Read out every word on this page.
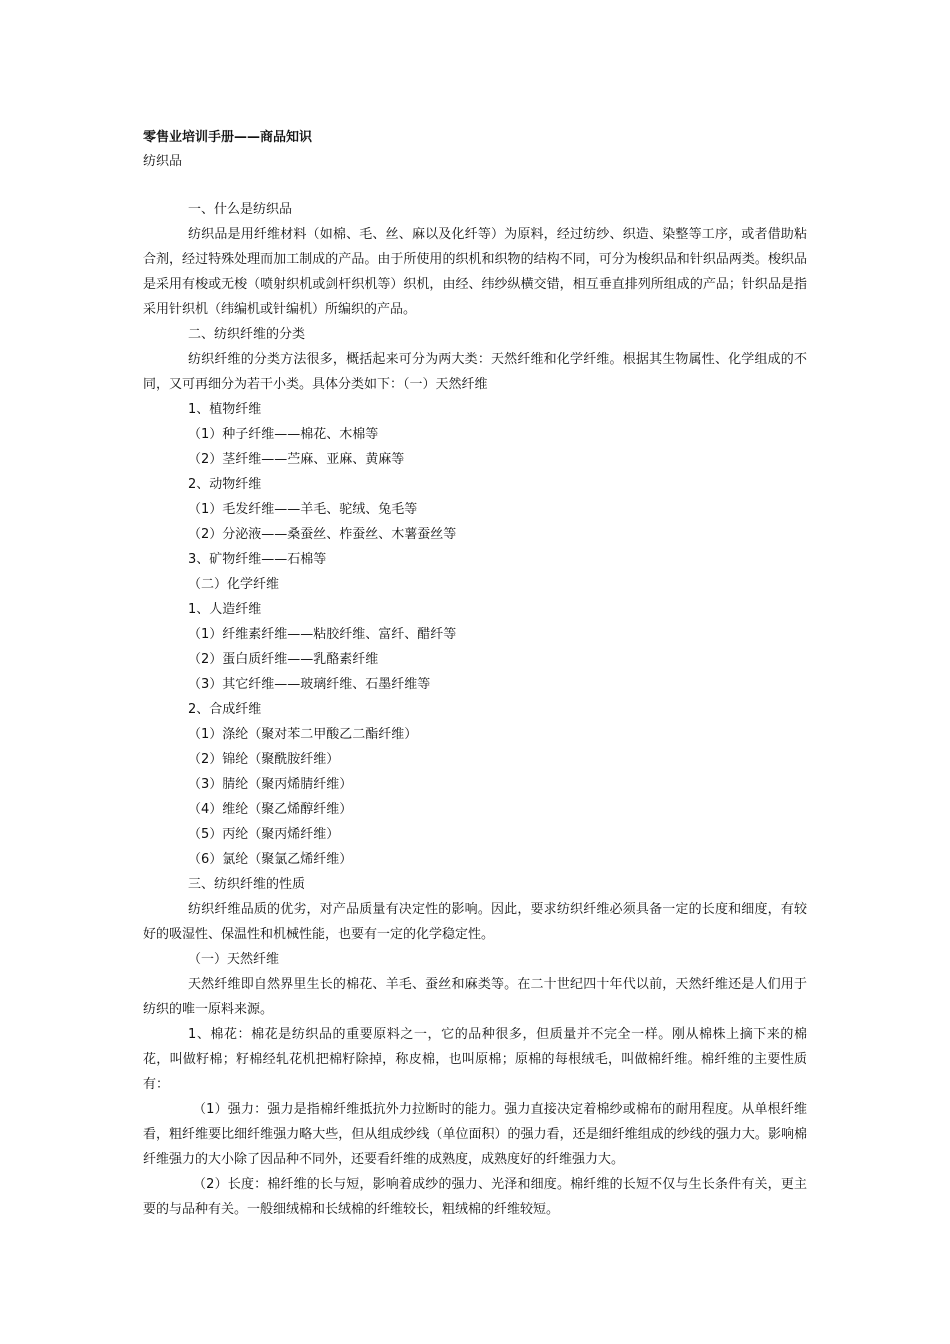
零售业培训手册——商品知识

纺织品

一、什么是纺织品

纺织品是用纤维材料（如棉、毛、丝、麻以及化纤等）为原料，经过纺纱、织造、染整等工序，或者借助粘合剂，经过特殊处理而加工制成的产品。由于所使用的织机和织物的结构不同，可分为梭织品和针织品两类。梭织品是采用有梭或无梭（喷射织机或剑杆织机等）织机，由经、纬纱纵横交错，相互垂直排列所组成的产品；针织品是指采用针织机（纬编机或针编机）所编织的产品。

二、纺织纤维的分类

纺织纤维的分类方法很多，概括起来可分为两大类：天然纤维和化学纤维。根据其生物属性、化学组成的不同，又可再细分为若干小类。具体分类如下：（一）天然纤维

1、植物纤维

（1）种子纤维——棉花、木棉等

（2）茎纤维——苎麻、亚麻、黄麻等

2、动物纤维

（1）毛发纤维——羊毛、驼绒、兔毛等

（2）分泌液——桑蚕丝、柞蚕丝、木薯蚕丝等

3、矿物纤维——石棉等

（二）化学纤维

1、人造纤维

（1）纤维素纤维——粘胶纤维、富纤、醋纤等

（2）蛋白质纤维——乳酪素纤维

（3）其它纤维——玻璃纤维、石墨纤维等

2、合成纤维

（1）涤纶（聚对苯二甲酸乙二酯纤维）

（2）锦纶（聚酰胺纤维）

（3）腈纶（聚丙烯腈纤维）

（4）维纶（聚乙烯醇纤维）

（5）丙纶（聚丙烯纤维）

（6）氯纶（聚氯乙烯纤维）

三、纺织纤维的性质

纺织纤维品质的优劣，对产品质量有决定性的影响。因此，要求纺织纤维必须具备一定的长度和细度，有较好的吸湿性、保温性和机械性能，也要有一定的化学稳定性。

（一）天然纤维

天然纤维即自然界里生长的棉花、羊毛、蚕丝和麻类等。在二十世纪四十年代以前，天然纤维还是人们用于纺织的唯一原料来源。

1、棉花：棉花是纺织品的重要原料之一，它的品种很多，但质量并不完全一样。刚从棉株上摘下来的棉花，叫做籽棉；籽棉经轧花机把棉籽除掉，称皮棉，也叫原棉；原棉的每根绒毛，叫做棉纤维。棉纤维的主要性质有：

（1）强力：强力是指棉纤维抵抗外力拉断时的能力。强力直接决定着棉纱或棉布的耐用程度。从单根纤维看，粗纤维要比细纤维强力略大些，但从组成纱线（单位面积）的强力看，还是细纤维组成的纱线的强力大。影响棉纤维强力的大小除了因品种不同外，还要看纤维的成熟度，成熟度好的纤维强力大。

（2）长度：棉纤维的长与短，影响着成纱的强力、光泽和细度。棉纤维的长短不仅与生长条件有关，更主要的与品种有关。一般细绒棉和长绒棉的纤维较长，粗绒棉的纤维较短。
